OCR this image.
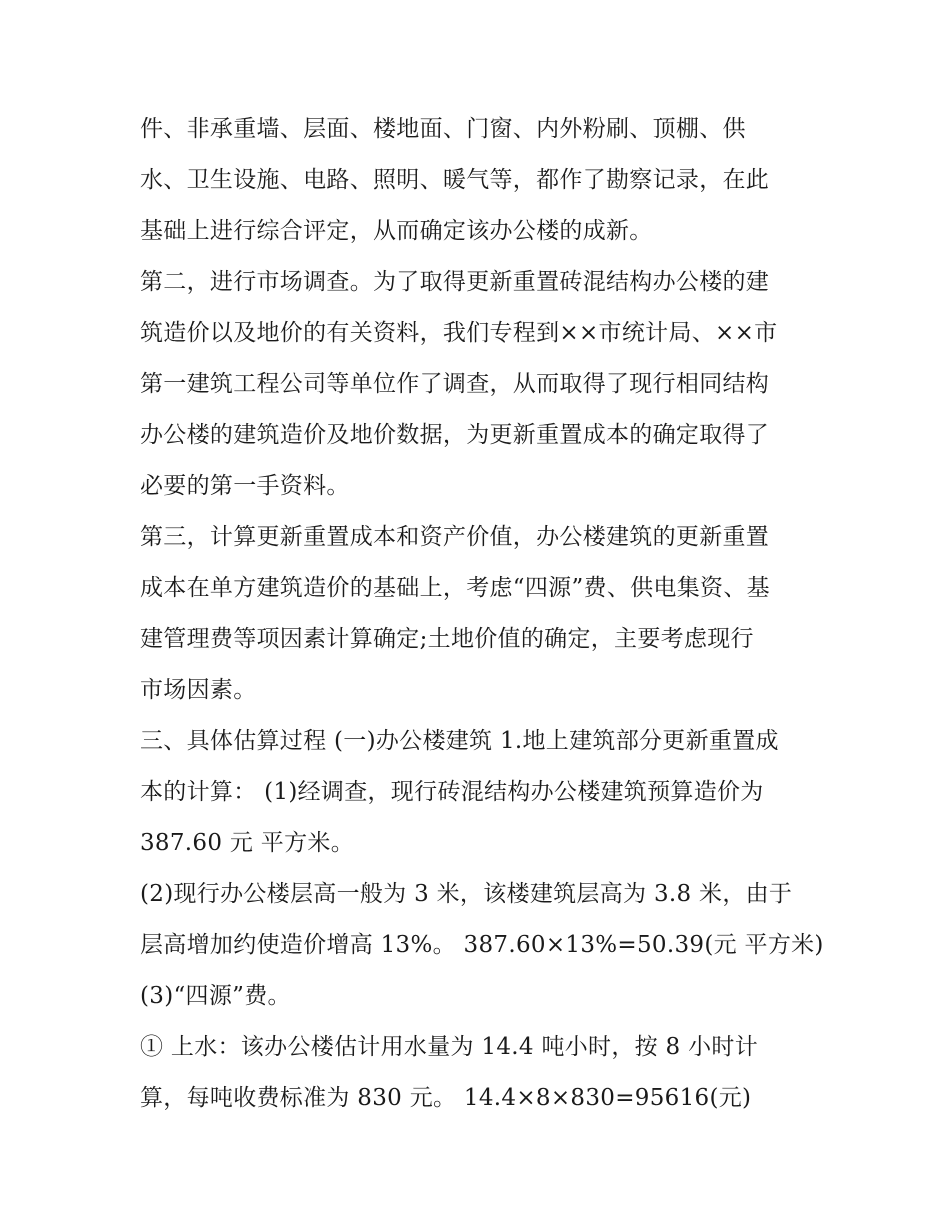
件、非承重墙、层面、楼地面、门窗、内外粉刷、顶棚、供
水、卫生设施、电路、照明、暖气等，都作了勘察记录，在此
基础上进行综合评定，从而确定该办公楼的成新。
第二，进行市场调查。为了取得更新重置砖混结构办公楼的建
筑造价以及地价的有关资料，我们专程到××市统计局、××市
第一建筑工程公司等单位作了调查，从而取得了现行相同结构
办公楼的建筑造价及地价数据，为更新重置成本的确定取得了
必要的第一手资料。
第三，计算更新重置成本和资产价值，办公楼建筑的更新重置
成本在单方建筑造价的基础上，考虑“四源”费、供电集资、基
建管理费等项因素计算确定;土地价值的确定，主要考虑现行
市场因素。
三、具体估算过程 (一)办公楼建筑 1.地上建筑部分更新重置成
本的计算： (1)经调查，现行砖混结构办公楼建筑预算造价为
387.60 元 平方米。
(2)现行办公楼层高一般为 3 米，该楼建筑层高为 3.8 米，由于
层高增加约使造价增高 13%。 387.60×13%=50.39(元 平方米)
(3)“四源”费。
① 上水：该办公楼估计用水量为 14.4 吨小时，按 8 小时计
算，每吨收费标准为 830 元。 14.4×8×830=95616(元)
